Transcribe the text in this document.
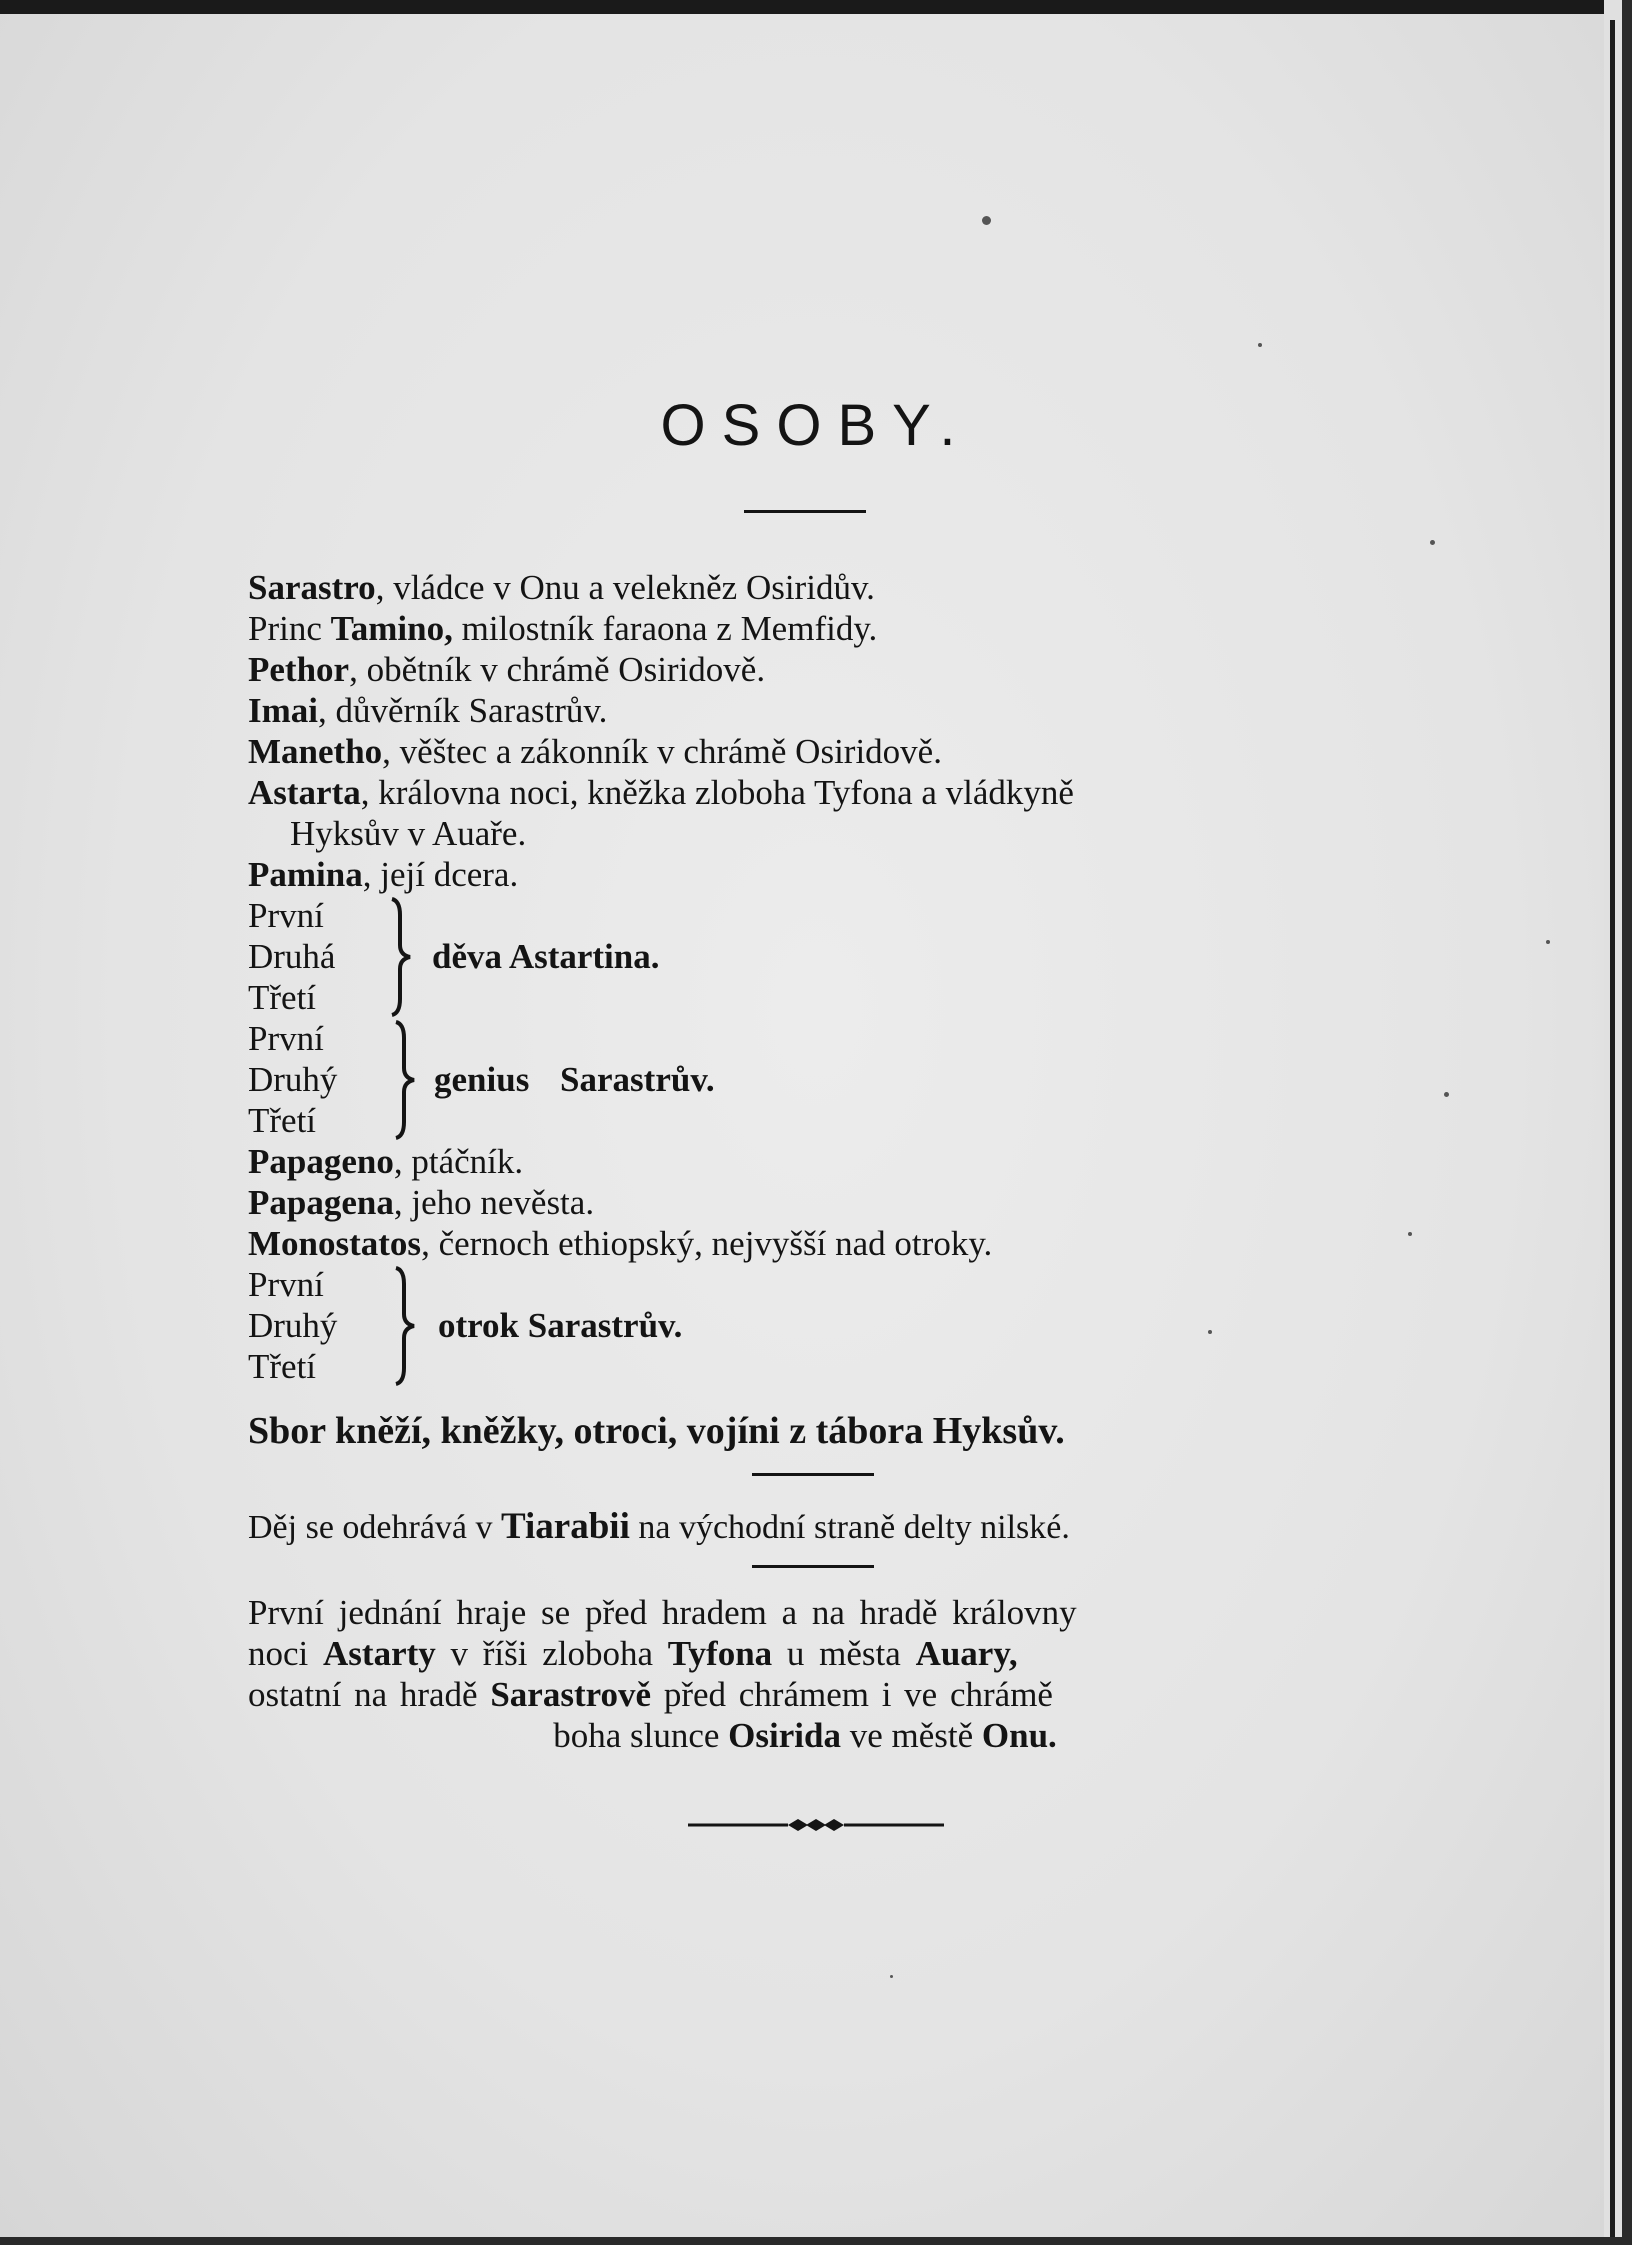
OSOBY.
Sarastro, vládce v Onu a velekněz Osiridův.
Princ Tamino, milostník faraona z Memfidy.
Pethor, obětník v chrámě Osiridově.
Imai, důvěrník Sarastrův.
Manetho, věštec a zákonník v chrámě Osiridově.
Astarta, královna noci, kněžka zloboha Tyfona a vládkyně
Hyksův v Auaře.
Pamina, její dcera.
První
Druhá
Třetí
děva Astartina.
První
Druhý
Třetí
genius Sarastrův.
Papageno, ptáčník.
Papagena, jeho nevěsta.
Monostatos, černoch ethiopský, nejvyšší nad otroky.
První
Druhý
Třetí
otrok Sarastrův.
Sbor kněží, kněžky, otroci, vojíni z tábora Hyksův.
Děj se odehrává v Tiarabii na východní straně delty nilské.
První jednání hraje se před hradem a na hradě královny
noci Astarty v říši zloboha Tyfona u města Auary,
ostatní na hradě Sarastrově před chrámem i ve chrámě
boha slunce Osirida ve městě Onu.
